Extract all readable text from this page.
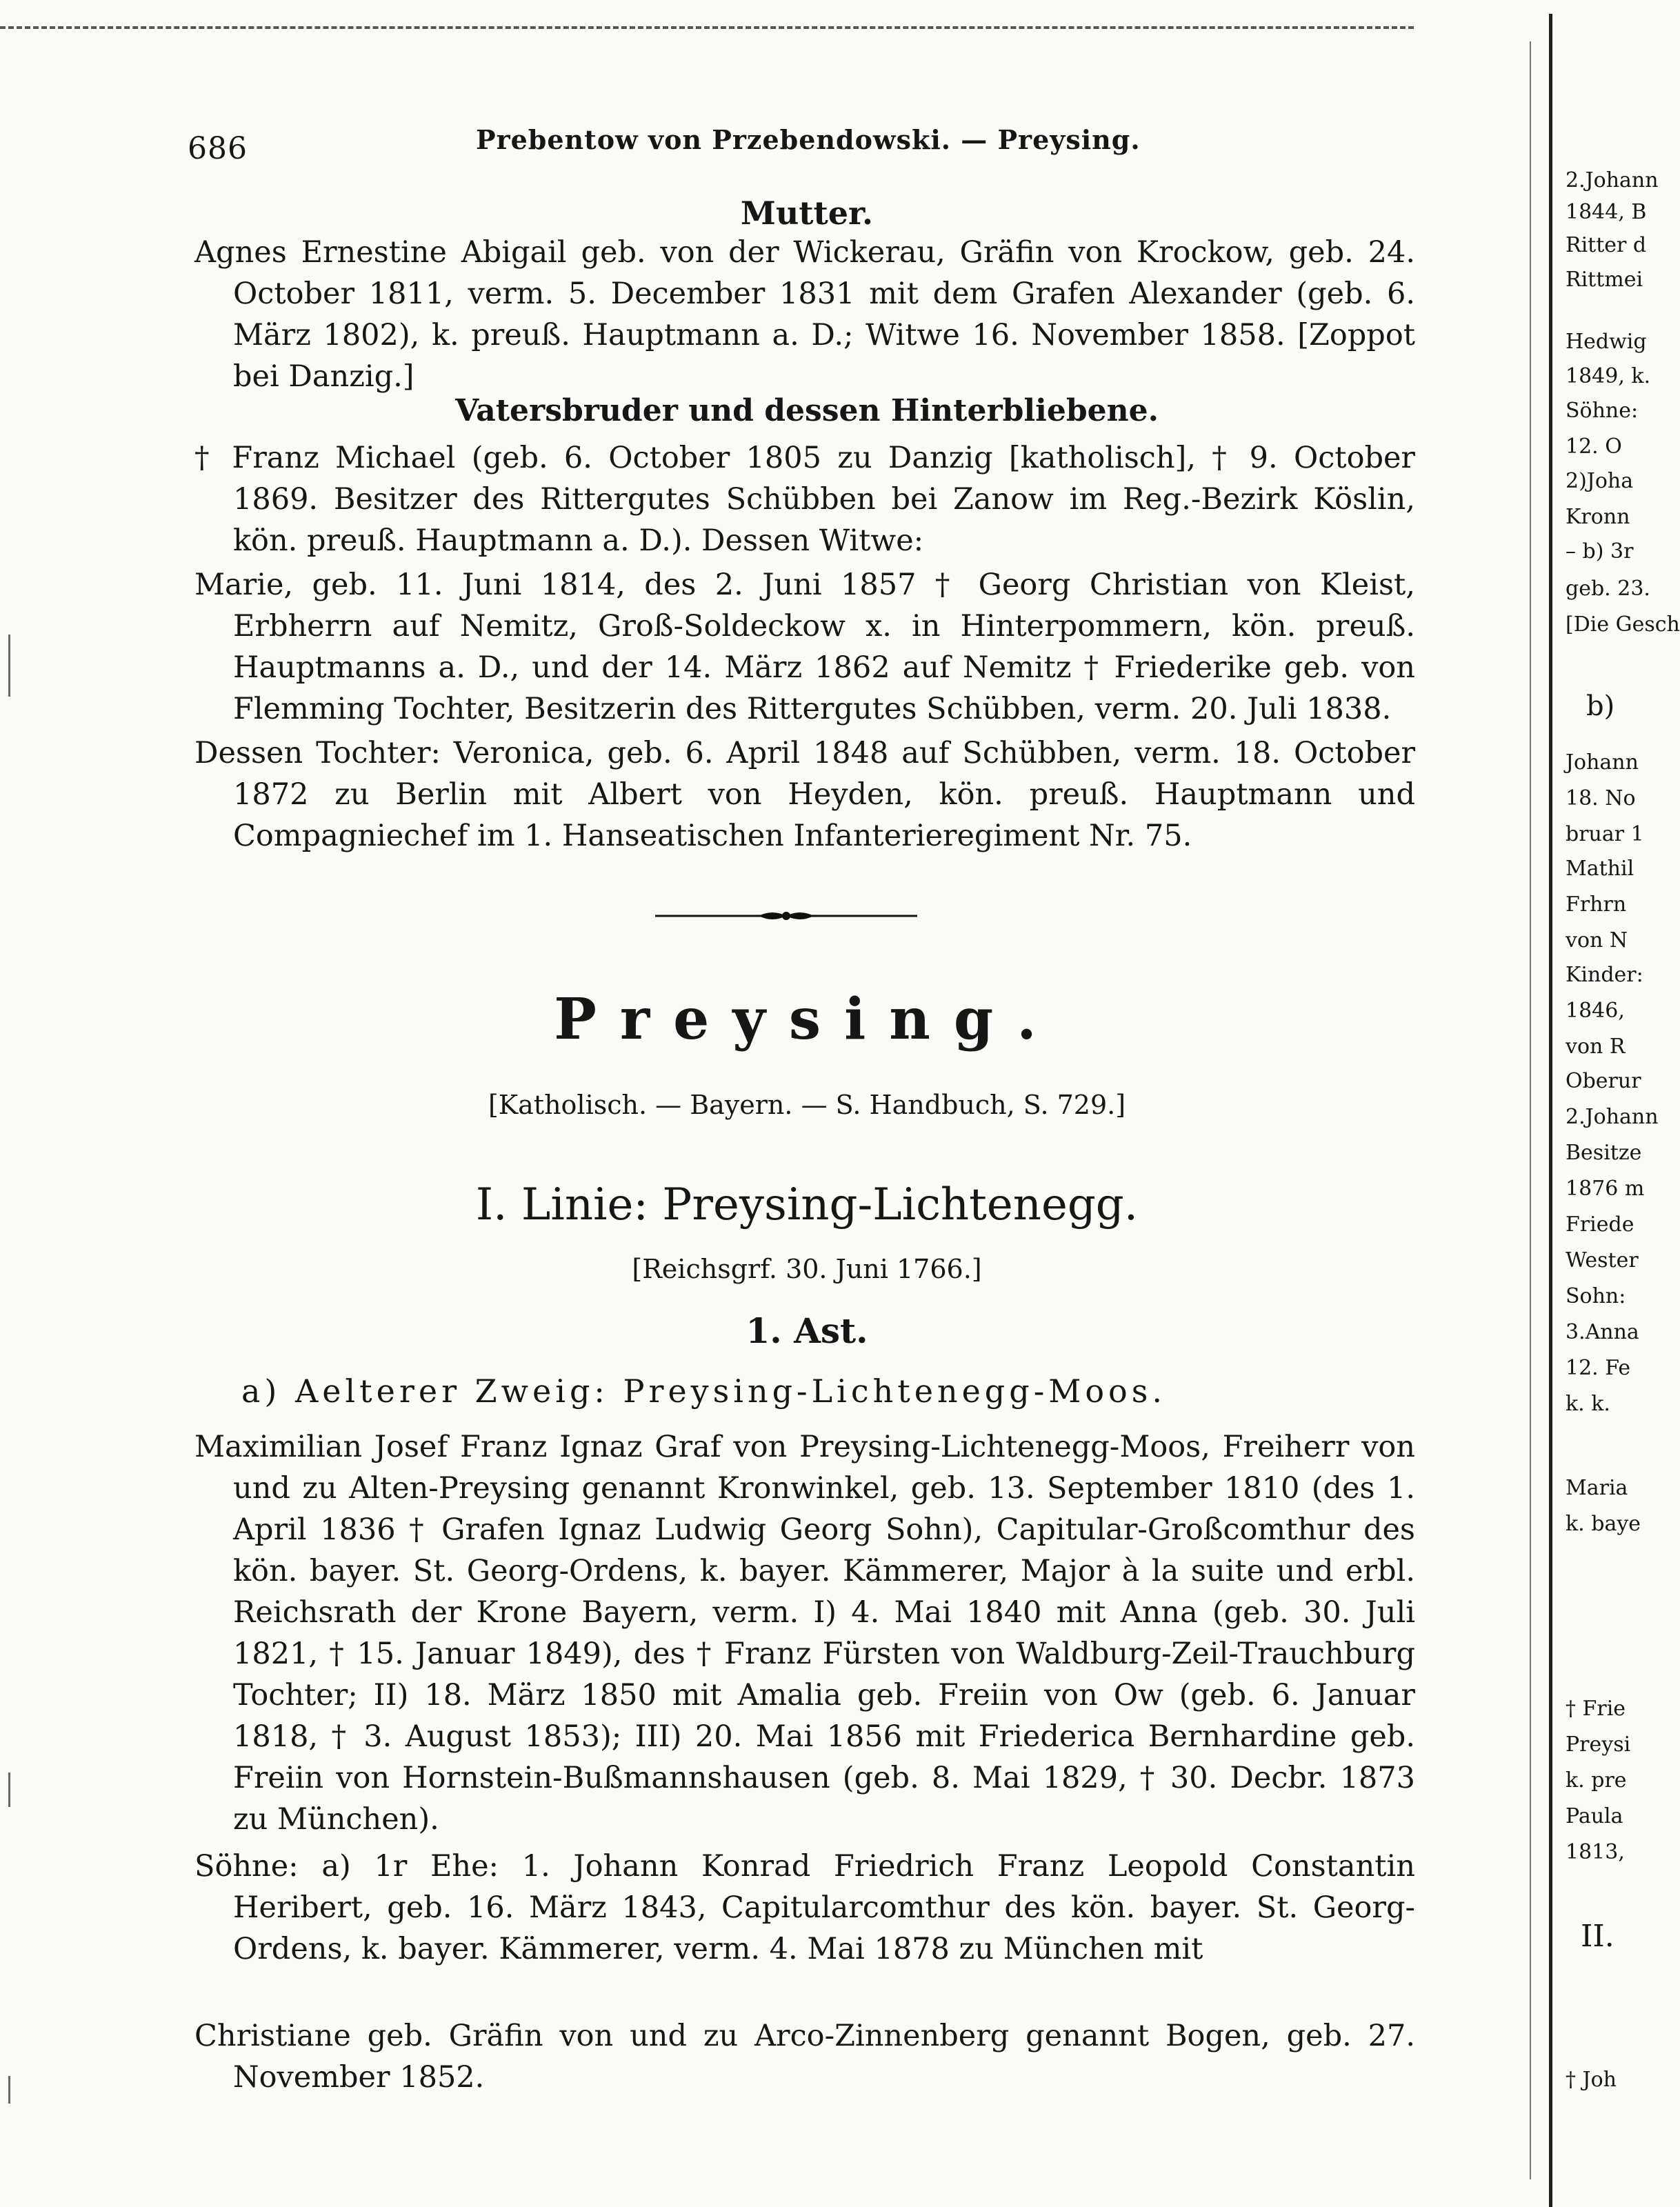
686	Prebentow von Przebendowski. — Preysing.
Mutter.
Agnes Ernestine Abigail geb. von der Wickerau, Gräfin von Krockow, geb. 24. October 1811, verm. 5. December 1831 mit dem Grafen Alexander (geb. 6. März 1802), k. preuß. Hauptmann a. D.; Witwe 16. November 1858. [Zoppot bei Danzig.]
Vatersbruder und dessen Hinterbliebene.
† Franz Michael (geb. 6. October 1805 zu Danzig [katholisch], † 9. October 1869. Besitzer des Rittergutes Schübben bei Zanow im Reg.-Bezirk Köslin, kön. preuß. Hauptmann a. D.). Dessen Witwe:
Marie, geb. 11. Juni 1814, des 2. Juni 1857 † Georg Christian von Kleist, Erbherrn auf Nemitz, Groß-Soldeckow x. in Hinterpommern, kön. preuß. Hauptmanns a. D., und der 14. März 1862 auf Nemitz † Friederike geb. von Flemming Tochter, Besitzerin des Rittergutes Schübben, verm. 20. Juli 1838.
Dessen Tochter: Veronica, geb. 6. April 1848 auf Schübben, verm. 18. October 1872 zu Berlin mit Albert von Heyden, kön. preuß. Hauptmann und Compagniechef im 1. Hanseatischen Infanterieregiment Nr. 75.
Preysing.
[Katholisch. — Bayern. — S. Handbuch, S. 729.]
I. Linie: Preysing-Lichtenegg.
[Reichsgrf. 30. Juni 1766.]
1. Ast.
a) Aelterer Zweig: Preysing-Lichtenegg-Moos.
Maximilian Josef Franz Ignaz Graf von Preysing-Lichtenegg-Moos, Freiherr von und zu Alten-Preysing genannt Kronwinkel, geb. 13. September 1810 (des 1. April 1836 † Grafen Ignaz Ludwig Georg Sohn), Capitular-Großcomthur des kön. bayer. St. Georg-Ordens, k. bayer. Kämmerer, Major à la suite und erbl. Reichsrath der Krone Bayern, verm. I) 4. Mai 1840 mit Anna (geb. 30. Juli 1821, † 15. Januar 1849), des † Franz Fürsten von Waldburg-Zeil-Trauchburg Tochter; II) 18. März 1850 mit Amalia geb. Freiin von Ow (geb. 6. Januar 1818, † 3. August 1853); III) 20. Mai 1856 mit Friederica Bernhardine geb. Freiin von Hornstein-Bußmannshausen (geb. 8. Mai 1829, † 30. Decbr. 1873 zu München).
Söhne: a) 1r Ehe: 1. Johann Konrad Friedrich Franz Leopold Constantin Heribert, geb. 16. März 1843, Capitularcomthur des kön. bayer. St. Georg-Ordens, k. bayer. Kämmerer, verm. 4. Mai 1878 zu München mit
Christiane geb. Gräfin von und zu Arco-Zinnenberg genannt Bogen, geb. 27. November 1852.
2.Johann
1844, B
Ritter d
Rittmei
Hedwig
1849, k.
Söhne:
12. O
2)Joha
Kronn
– b) 3r
geb. 23.
[Die Gesch
b)
Johann
18. No
bruar 1
Mathil
Frhrn
von N
Kinder:
1846,
von R
Oberur
2.Johann
Besitze
1876 m
Friede
Wester
Sohn:
3.Anna
12. Fe
k. k.
Maria
k. baye
† Frie
Preysi
k. pre
Paula
1813,
II.
† Joh
